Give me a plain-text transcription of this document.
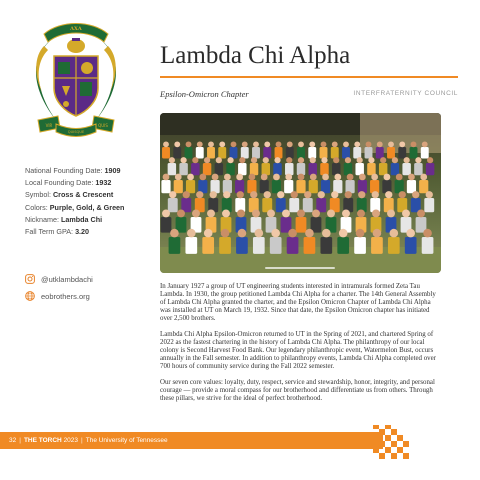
ΛΧΑ
VIR	QUIS
QUISQUE
Lambda Chi Alpha
Epsilon-Omicron Chapter	INTERFRATERNITY COUNCIL
National Founding Date: 1909
Local Founding Date: 1932
Symbol: Cross & Crescent
Colors: Purple, Gold, & Green
Nickname: Lambda Chi
Fall Term GPA: 3.20
@utklambdachi
eobrothers.org

In January 1927 a group of UT engineering students interested in intramurals formed Zeta Tau Lambda. In 1930, the group petitioned Lambda Chi Alpha for a charter. The 14th General Assembly of Lambda Chi Alpha granted the charter, and the Epsilon Omicron Chapter of Lambda Chi Alpha was installed at UT on March 19, 1932. Since that date, the Epsilon Omicron chapter has initiated over 2,500 brothers.

Lambda Chi Alpha Epsilon-Omicron returned to UT in the Spring of 2021, and chartered Spring of 2022 as the fastest chartering in the history of Lambda Chi Alpha. The philanthropy of our local colony is Second Harvest Food Bank. Our legendary philanthropic event, Watermelon Bust, occurs annually in the Fall semester. In addition to philanthropy events, Lambda Chi Alpha completed over 700 hours of community service during the Fall 2022 semester.

Our seven core values: loyalty, duty, respect, service and stewardship, honor, integrity, and personal courage — provide a moral compass for our brotherhood and differentiate us from others. Through these pillars, we strive for the ideal of perfect brotherhood.

32 | THE TORCH 2023 | The University of Tennessee
